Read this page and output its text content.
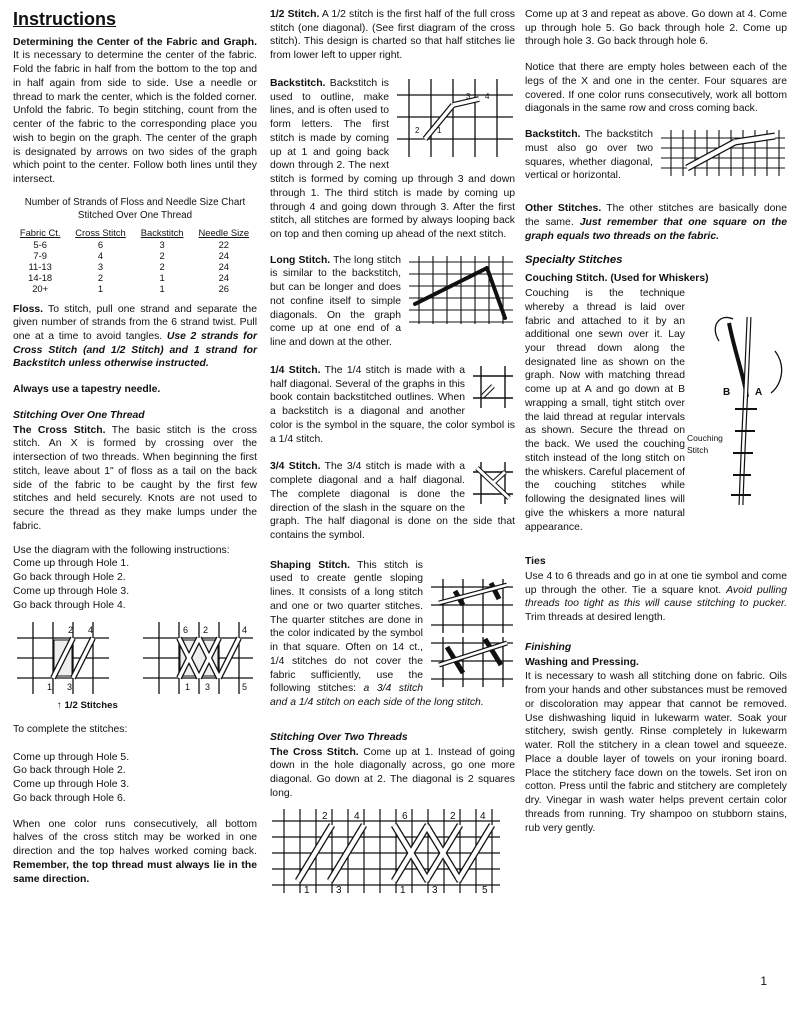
Instructions
Determining the Center of the Fabric and Graph. It is necessary to determine the center of the fabric. Fold the fabric in half from the bottom to the top and in half again from side to side. Use a needle or thread to mark the center, which is the folded corner. Unfold the fabric. To begin stitching, count from the center of the fabric to the corresponding place you wish to begin on the graph. The center of the graph is designated by arrows on two sides of the graph which point to the center. Follow both lines until they intersect.
Number of Strands of Floss and Needle Size Chart
Stitched Over One Thread
Fabric Ct.	Cross Stitch	Backstitch	Needle Size
5-6	6	3	22
7-9	4	2	24
11-13	3	2	24
14-18	2	1	24
20+	1	1	26
Floss. To stitch, pull one strand and separate the given number of strands from the 6 strand twist. Pull one at a time to avoid tangles. Use 2 strands for Cross Stitch (and 1/2 Stitch) and 1 strand for Backstitch unless otherwise instructed.
Always use a tapestry needle.
Stitching Over One Thread
The Cross Stitch. The basic stitch is the cross stitch. An X is formed by crossing over the intersection of two threads. When beginning the first stitch, leave about 1" of floss as a tail on the back side of the fabric to be caught by the first few stitches and held securely. Knots are not used to secure the thread as they make lumps under the fabric.
Use the diagram with the following instructions:
Come up through Hole 1.
Go back through Hole 2.
Come up through Hole 3.
Go back through Hole 4.
2 4
1 3
6 2	4
1 3	5
↑ 1/2 Stitches
To complete the stitches:
Come up through Hole 5.
Go back through Hole 2.
Come up through Hole 3.
Go back through Hole 6.
When one color runs consecutively, all bottom halves of the cross stitch may be worked in one direction and the top halves worked coming back. Remember, the top thread must always lie in the same direction.
1/2 Stitch. A 1/2 stitch is the first half of the full cross stitch (one diagonal). (See first diagram of the cross stitch). This design is charted so that half stitches lie from lower left to upper right.
3 4
2 1
Backstitch. Backstitch is used to outline, make lines, and is often used to form letters. The first stitch is made by coming up at 1 and going back down through 2. The next stitch is formed by coming up through 3 and down through 1. The third stitch is made by coming up through 4 and going down through 3. After the first stitch, all stitches are formed by always looping back on top and then coming up ahead of the next stitch.
Long Stitch. The long stitch is similar to the backstitch, but can be longer and does not confine itself to simple diagonals. On the graph come up at one end of a line and down at the other.
1/4 Stitch. The 1/4 stitch is made with a half diagonal. Several of the graphs in this book contain backstitched outlines. When a backstitch is a diagonal and another color is the symbol in the square, the color symbol is a 1/4 stitch.
3/4 Stitch. The 3/4 stitch is made with a complete diagonal and a half diagonal. The complete diagonal is done the direction of the slash in the square on the graph. The half diagonal is done on the side that contains the symbol.
Shaping Stitch. This stitch is used to create gentle sloping lines. It consists of a long stitch and one or two quarter stitches. The quarter stitches are done in the color indicated by the symbol in that square. Often on 14 ct., 1/4 stitches do not cover the fabric sufficiently, use the following stitches: a 3/4 stitch and a 1/4 stitch on each side of the long stitch.
Stitching Over Two Threads
The Cross Stitch. Come up at 1. Instead of going down in the hole diagonally across, go one more diagonal. Go down at 2. The diagonal is 2 squares long.
2	4	6	2 4
1	3	1	3	5
Come up at 3 and repeat as above. Go down at 4. Come up through hole 5. Go back through hole 2. Come up through hole 3. Go back through hole 6.
Notice that there are empty holes between each of the legs of the X and one in the center. Four squares are covered. If one color runs consecutively, work all bottom diagonals in the same row and cross coming back.
Backstitch. The backstitch must also go over two squares, whether diagonal, vertical or horizontal.
Other Stitches. The other stitches are basically done the same. Just remember that one square on the graph equals two threads on the fabric.
Specialty Stitches
Couching Stitch. (Used for Whiskers)
B A
Couching
Stitch
Couching is the technique whereby a thread is laid over fabric and attached to it by an additional one sewn over it. Lay your thread down along the designated line as shown on the graph. Now with matching thread come up at A and go down at B wrapping a small, tight stitch over the laid thread at regular intervals as shown. Secure the thread on the back. We used the couching stitch instead of the long stitch on the whiskers. Careful placement of the couching stitches while following the designated lines will give the whiskers a more natural appearance.
Ties
Use 4 to 6 threads and go in at one tie symbol and come up through the other. Tie a square knot. Avoid pulling threads too tight as this will cause stitching to pucker. Trim threads at desired length.
Finishing
Washing and Pressing.
It is necessary to wash all stitching done on fabric. Oils from your hands and other substances must be removed or discoloration may appear that cannot be removed. Use dishwashing liquid in lukewarm water. Soak your stitchery, swish gently. Rinse completely in lukewarm water. Roll the stitchery in a clean towel and squeeze. Place a double layer of towels on your ironing board. Place the stitchery face down on the towels. Set iron on cotton. Press until the fabric and stitchery are completely dry. Vinegar in wash water helps prevent certain color threads from running. Try shampoo on stubborn stains, rub very gently.
1
